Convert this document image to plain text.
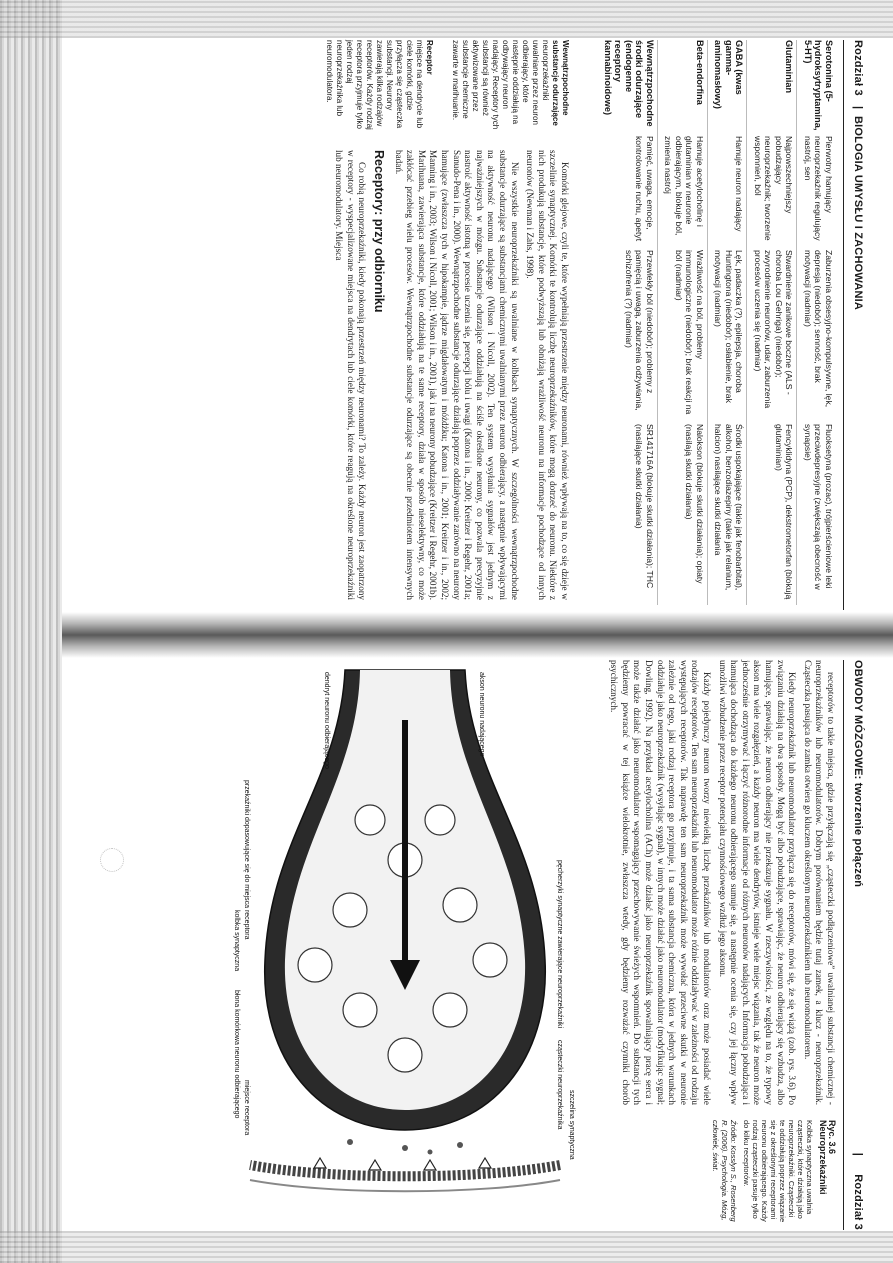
Rozdział 3
BIOLOGIA UMYSŁU I ZACHOWANIA
|
Serotonina (5-hydroksytryptamina, 5-HT)	Pierwotny hamujący neuroprzekaźnik regulujący nastrój, sen	Zaburzenia obsesyjno-kompulsywne, lęk, depresja (niedobór); senność, brak motywacji (nadmiar)	Fluoksetyna (prozac), trójpierścieniowe leki przeciwdepresyjne (zwiększają obecność w synapsie)
Glutaminian	Najpowszechniejszy pobudzający neuroprzekaźnik; tworzenie wspomnień, ból	Stwardnienie zanikowe boczne (ALS - choroba Lou Gehriga) (niedobór); zwyrodnienie neuronów, udar, zaburzenia procesów uczenia się (nadmiar)	Fencyklidyna (PCP), dekstrometorfan (blokują glutaminian)
GABA (kwas gamma-aminomasłowy)	Hamuje neuron nadający	Lęk, padaczka (?), epilepsja, choroba Huntingtona (niedobór); osłabienie, brak motywacji (nadmiar)	Środki uspokajające (takie jak fenobarbital), alkohol, benzodiazepiny (takie jak relanium, halcion) nasilające skutki działania
Beta-endorfina	Hamuje acetylocholinę i glutaminian w neuronie odbierającym, blokuje ból, zmienia nastrój	Wrażliwość na ból, problemy immunologiczne (niedobór); brak reakcji na ból (nadmiar)	Nalokson (blokuje skutki działania); opiaty (nasilają skutki działania)
Wewnątrzpochodne środki odurzające (endogenne receptory kannabinoidowe)	Pamięć, uwaga, emocje, kontrolowanie ruchu, apetyt	Przewlekły ból (niedobór); problemy z pamięcią i uwagą, zaburzenia odżywiania, schizofrenia (?) (nadmiar)	SR141716A (blokuje skutki działania); THC (nasilające skutki działania)
Wewnątrzpochodne substancje odurzające
neuroprzekaźniki uwalniane przez neuron odbierający, które następnie oddziałują na odbywający neuron nadający. Receptory tych substancji są również aktywizowane przez substancje chemiczne zawarte w marihuanie.
Receptor
miejsce na dendrycie lub ciele komórki, gdzie przyłącza się cząsteczka substancji. Neurony zawierają kilka rodzajów receptorów. Każdy rodzaj receptora przyjmuje tylko jeden rodzaj neuroprzekaźnika lub neuromodulatora.

Komórki glejowe, czyli te, które wypełniają przestrzenie między neuronami, również wpływają na to, co się dzieje w szczelinie synaptycznej. Komórki te kontrolują liczbę neuroprzekaźników, które mogą dotrzeć do neuronu. Niektóre z nich produkują substancje, które podwyższają lub obniżają wrażliwość neuronu na informacje pochodzące od innych neuronów (Newman i Zahs, 1998).

Nie wszystkie neuroprzekaźniki są uwalniane w kolbkach synaptycznych. W szczególności wewnątrzpochodne substancje odurzające są substancjami chemicznymi uwalnianymi przez neuron odbierający, a następnie wpływającymi na aktywność neuronu nadającego (Wilson i Nicoll, 2002). Ten system wysyłania sygnałów jest jednym z najważniejszych w mózgu. Substancje odurzające oddziałują na ściśle określone neurony, co pozwala precyzyjnie nastroić aktywność istotną w procesie uczenia się, percepcji bólu i uwagi (Katona i in., 2000; Kreitzer i Regehr, 2001a; Sanudo-Pena i in., 2000). Wewnątrzpochodne substancje odurzające działają poprzez oddziaływanie zarówno na neurony hamujące (zwłaszcza tych w hipokampie, jądrze migdałowatym i móżdżku; Katona i in., 2001; Kreitzer i in., 2002; Manning i in., 2003; Wilson i Nicoll, 2001; Wilson i in., 2001), jak i na neurony pobudzające (Kreitzer i Regehr, 2001b). Marihuana, zawierająca substancje, które oddziałują na te same receptory, działa w sposób nieselektywny, co może zakłócać przebieg wielu procesów. Wewnątrzpochodne substancje odurzające są obecnie przedmiotem intensywnych badań.

Receptory: przy odbiorniku

Co robią neuroprzekaźniki, kiedy pokonają przestrzeń między neuronami? To zależy. Każdy neuron jest zaopatrzony w receptory - wyspecjalizowane miejsca na dendrytach lub ciele komórki, które reagują na określone neuroprzekaźniki lub neuromodulatory. Miejsca

OBWODY MÓZGOWE: tworzenie połączeń
Rozdział 3
|

receptorów to takie miejsca, gdzie przyłączają się „cząsteczki podłączeniowe” uwalnianej substancji chemicznej - neuroprzekaźników lub neuromodulatorów. Dobrym porównaniem będzie tutaj zamek, a klucz - neuroprzekaźnik. Cząsteczka pasująca do zamka otwiera go kluczem określonym neuroprzekaźnikiem lub neuromodulatorem.

Kiedy neuroprzekaźnik lub neuromodulator przyłącza się do receptorów, mówi się, że się wiążą (zob. rys. 3.6). Po związaniu działają na dwa sposoby. Mogą być albo pobudzające, sprawiając, że neuron odbierający się wzbudza, albo hamujące, sprawiając, że neuron odbierający nie przekazuje sygnału. W rzeczywistości, ze względu na to, że typowy akson ma wiele rozgałęzień, a każdy neuron ma wiele dendrytów, istnieje wiele miejsc wiązania, tak że neuron może jednocześnie otrzymywać i łączyć różnorodne informacje od różnych neuronów nadających. Informacja pobudzająca i hamująca dochodząca do każdego neuronu odbierającego sumuje się, a następnie ocenia się, czy jej łączny wpływ umożliwi wzbudzenie przez receptor potencjału czynnościowego wzdłuż jego aksonu.

Każdy pojedynczy neuron tworzy niewielką liczbę przekaźników lub modulatorów oraz może posiadać wiele rodzajów receptorów. Ten sam neuroprzekaźnik lub neuromodulator może różnie oddziaływać w zależności od rodzaju występujących receptorów. Tak naprawdę ten sam neuroprzekaźnik może wywołać przeciwne skutki w neuronie zależnie od tego, jaki rodzaj receptora go przyjmuje, i ta sama substancja chemiczna, która w jednych warunkach oddziałuje jako neuroprzekaźnik (wysyłając sygnał), w innych może działać jako neuromodulator (modyfikując sygnał; Dowling, 1992). Na przykład acetylocholina (ACh) może działać jako neuroprzekaźnik spowalniający pracę serca i może także działać jako neuromodulator wspomagający przechowywanie świeżych wspomnień. Do substancji tych będziemy powracać w tej książce wielokrotnie, zwłaszcza wtedy, gdy będziemy rozważać czynniki chorób psychicznych.

Ryc. 3.6
Neuroprzekaźniki
Kolbka synaptyczna uwalnia cząsteczki, które działają jako neuroprzekaźniki. Cząsteczki te oddziałują poprzez wiązanie się z określonymi receptorami neuronu odbierającego. Każdy rodzaj cząsteczki pasuje tylko do kilku receptorów.
Źródło: Kosslyn S., Rosenberg R. (2006). Psychologia. Mózg, człowiek, świat.
akson neuronu nadającego
pęcherzyki synaptyczne zawierające neuroprzekaźniki
cząsteczki neuroprzekaźnika
błona komórkowa neuronu odbierającego
dendryt neuronu odbierającego
przekaźniki dopasowujące się do miejsca receptora
miejsce receptora	szczelina synaptyczna
kolbka synaptyczna
